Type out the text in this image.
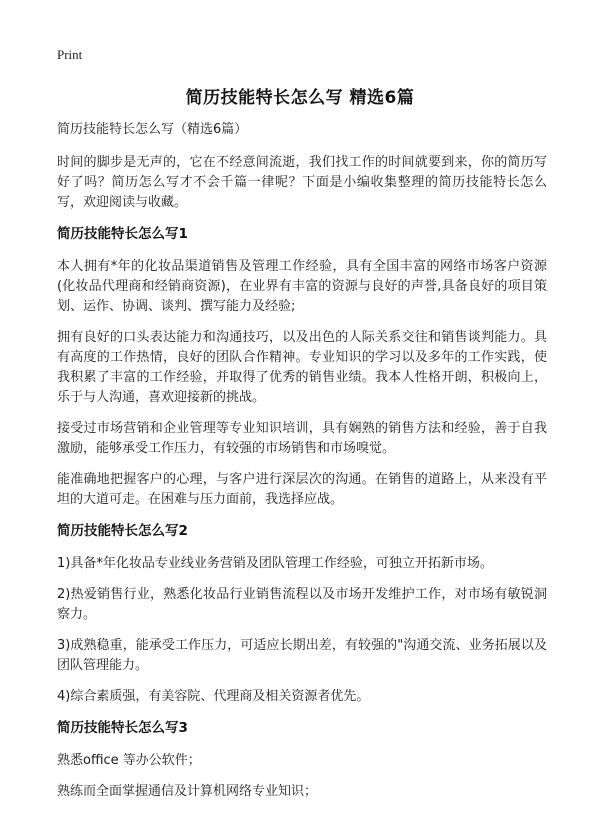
Print
简历技能特长怎么写 精选6篇
简历技能特长怎么写（精选6篇）

时间的脚步是无声的，它在不经意间流逝，我们找工作的时间就要到来，你的简历写好了吗？简历怎么写才不会千篇一律呢？下面是小编收集整理的简历技能特长怎么写，欢迎阅读与收藏。

简历技能特长怎么写1

本人拥有*年的化妆品渠道销售及管理工作经验，具有全国丰富的网络市场客户资源(化妆品代理商和经销商资源)，在业界有丰富的资源与良好的声誉,具备良好的项目策划、运作、协调、谈判、撰写能力及经验;

拥有良好的口头表达能力和沟通技巧，以及出色的人际关系交往和销售谈判能力。具有高度的工作热情，良好的团队合作精神。专业知识的学习以及多年的工作实践，使我积累了丰富的工作经验，并取得了优秀的销售业绩。我本人性格开朗，积极向上，乐于与人沟通，喜欢迎接新的挑战。

接受过市场营销和企业管理等专业知识培训，具有娴熟的销售方法和经验，善于自我激励，能够承受工作压力，有较强的市场销售和市场嗅觉。

能准确地把握客户的心理，与客户进行深层次的沟通。在销售的道路上，从来没有平坦的大道可走。在困难与压力面前，我选择应战。

简历技能特长怎么写2

1)具备*年化妆品专业线业务营销及团队管理工作经验，可独立开拓新市场。

2)热爱销售行业，熟悉化妆品行业销售流程以及市场开发维护工作，对市场有敏锐洞察力。

3)成熟稳重，能承受工作压力，可适应长期出差，有较强的"沟通交流、业务拓展以及团队管理能力。

4)综合素质强，有美容院、代理商及相关资源者优先。

简历技能特长怎么写3

熟悉office 等办公软件；

熟练而全面掌握通信及计算机网络专业知识；
